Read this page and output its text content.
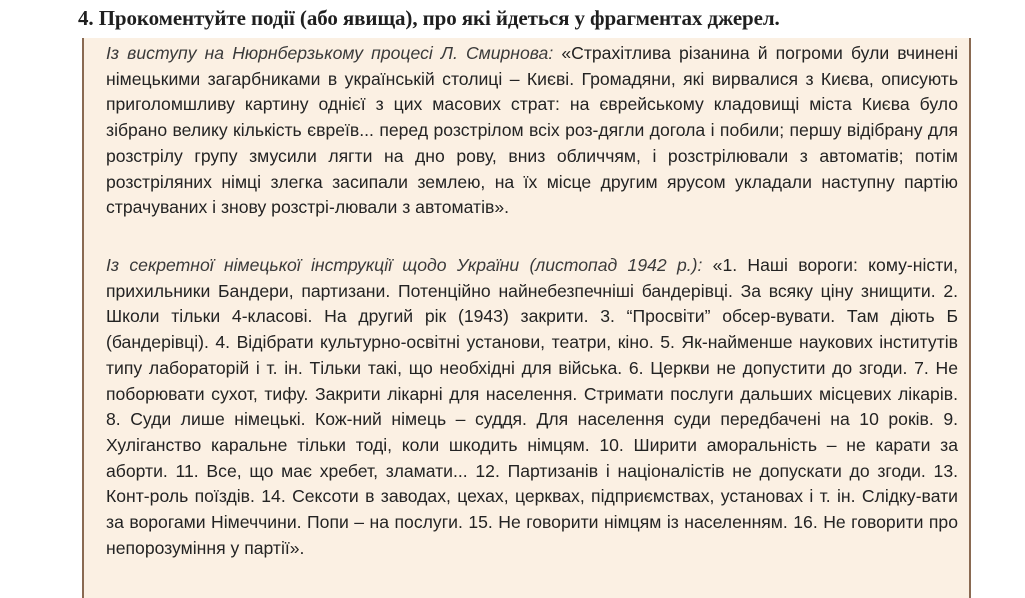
4. Прокоментуйте події (або явища), про які йдеться у фрагментах джерел.
Із виступу на Нюрнберзькому процесі Л. Смирнова: «Страхітлива різанина й погроми були вчинені німецькими загарбниками в українській столиці – Києві. Громадяни, які вирвалися з Києва, описують приголомшливу картину однієї з цих масових страт: на єврейському кладовищі міста Києва було зібрано велику кількість євреїв... перед розстрілом всіх роз-дягли догола і побили; першу відібрану для розстрілу групу змусили лягти на дно рову, вниз обличчям, і розстрілювали з автоматів; потім розстріляних німці злегка засипали землею, на їх місце другим ярусом укладали наступну партію страчуваних і знову розстрі-лювали з автоматів».
Із секретної німецької інструкції щодо України (листопад 1942 р.): «1. Наші вороги: кому-ністи, прихильники Бандери, партизани. Потенційно найнебезпечніші бандерівці. За всяку ціну знищити. 2. Школи тільки 4-класові. На другий рік (1943) закрити. 3. “Просвіти” обсер-вувати. Там діють Б (бандерівці). 4. Відібрати культурно-освітні установи, театри, кіно. 5. Як-найменше наукових інститутів типу лабораторій і т. ін. Тільки такі, що необхідні для війська. 6. Церкви не допустити до згоди. 7. Не поборювати сухот, тифу. Закрити лікарні для населення. Стримати послуги дальших місцевих лікарів. 8. Суди лише німецькі. Кож-ний німець – суддя. Для населення суди передбачені на 10 років. 9. Хуліганство каральне тільки тоді, коли шкодить німцям. 10. Ширити аморальність – не карати за аборти. 11. Все, що має хребет, зламати... 12. Партизанів і націоналістів не допускати до згоди. 13. Конт-роль поїздів. 14. Сексоти в заводах, цехах, церквах, підприємствах, установах і т. ін. Слідку-вати за ворогами Німеччини. Попи – на послуги. 15. Не говорити німцям із населенням. 16. Не говорити про непорозуміння у партії».
